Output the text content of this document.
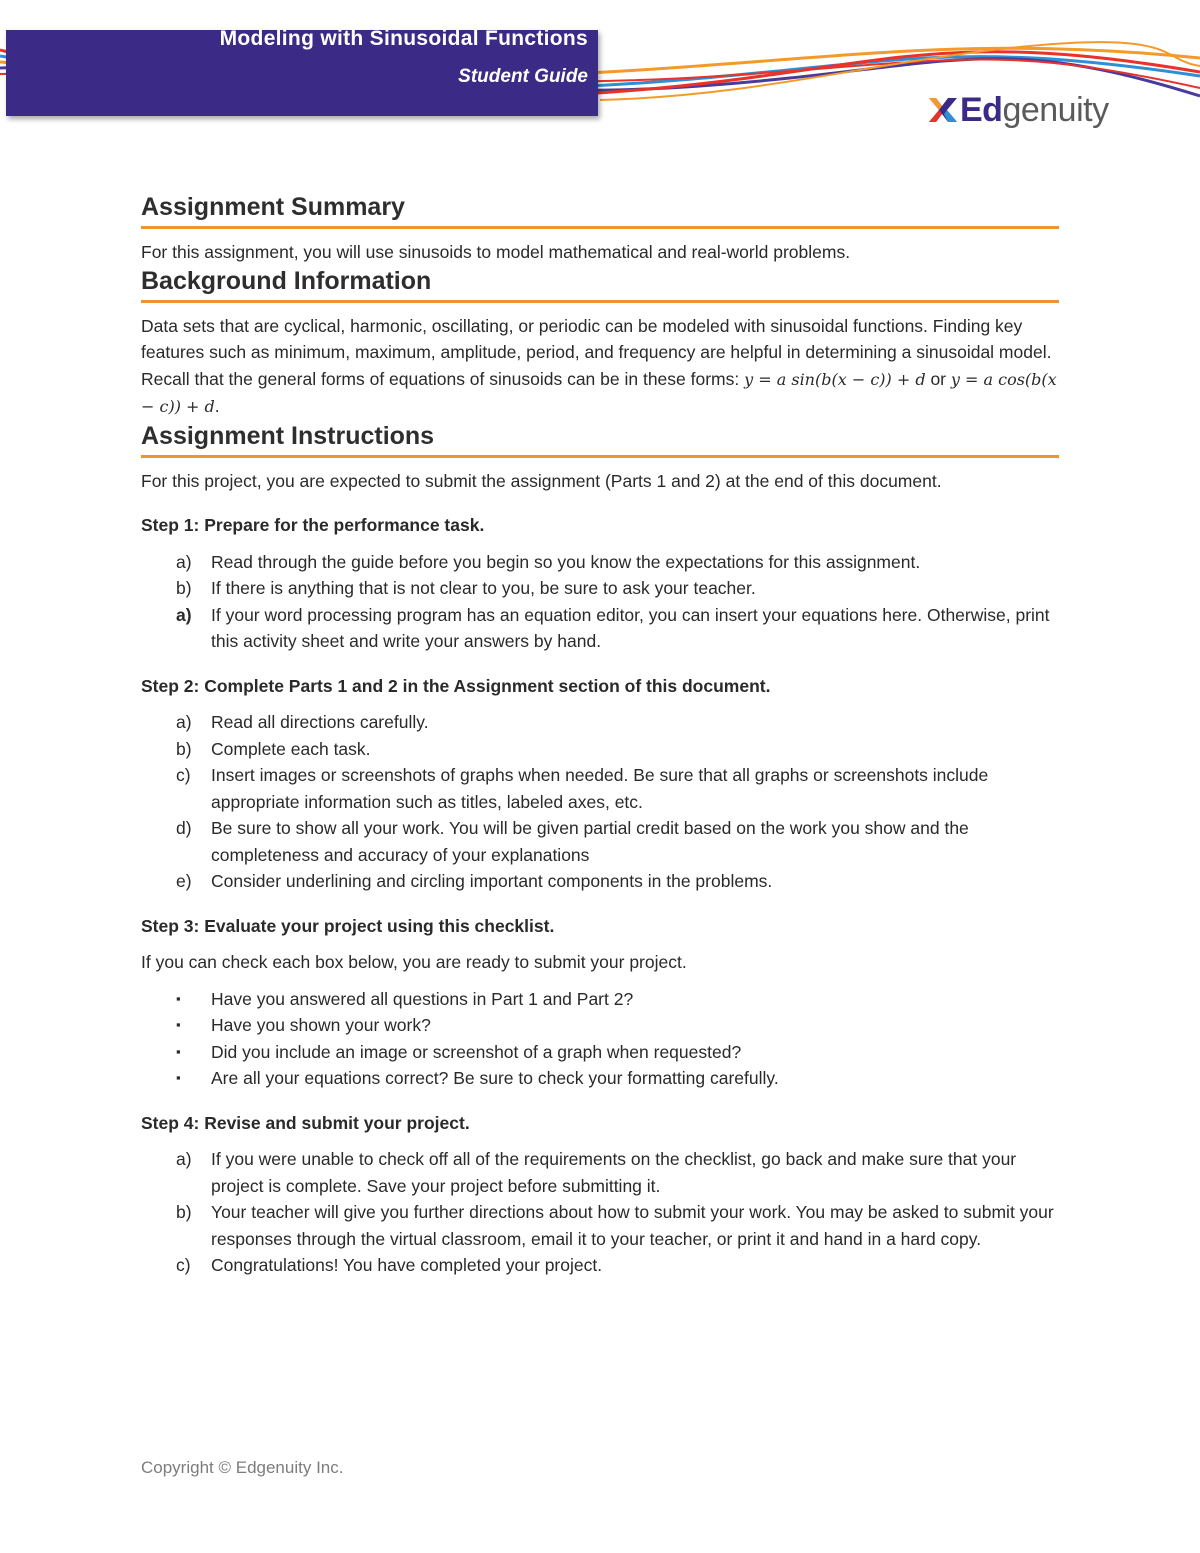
Modeling with Sinusoidal Functions
Student Guide
Edgenuity
Assignment Summary

For this assignment, you will use sinusoids to model mathematical and real-world problems.

Background Information

Data sets that are cyclical, harmonic, oscillating, or periodic can be modeled with sinusoidal functions. Finding key features such as minimum, maximum, amplitude, period, and frequency are helpful in determining a sinusoidal model. Recall that the general forms of equations of sinusoids can be in these forms: y = a sin(b(x − c)) + d or y = a cos(b(x − c)) + d.

Assignment Instructions

For this project, you are expected to submit the assignment (Parts 1 and 2) at the end of this document.

Step 1: Prepare for the performance task.

a) Read through the guide before you begin so you know the expectations for this assignment.
b) If there is anything that is not clear to you, be sure to ask your teacher.
a) If your word processing program has an equation editor, you can insert your equations here. Otherwise, print this activity sheet and write your answers by hand.

Step 2: Complete Parts 1 and 2 in the Assignment section of this document.

a) Read all directions carefully.
b) Complete each task.
c) Insert images or screenshots of graphs when needed. Be sure that all graphs or screenshots include appropriate information such as titles, labeled axes, etc.
d) Be sure to show all your work. You will be given partial credit based on the work you show and the completeness and accuracy of your explanations
e) Consider underlining and circling important components in the problems.

Step 3: Evaluate your project using this checklist.

If you can check each box below, you are ready to submit your project.

▪ Have you answered all questions in Part 1 and Part 2?
▪ Have you shown your work?
▪ Did you include an image or screenshot of a graph when requested?
▪ Are all your equations correct? Be sure to check your formatting carefully.

Step 4: Revise and submit your project.

a) If you were unable to check off all of the requirements on the checklist, go back and make sure that your project is complete. Save your project before submitting it.
b) Your teacher will give you further directions about how to submit your work. You may be asked to submit your responses through the virtual classroom, email it to your teacher, or print it and hand in a hard copy.
c) Congratulations! You have completed your project.
Copyright © Edgenuity Inc.
